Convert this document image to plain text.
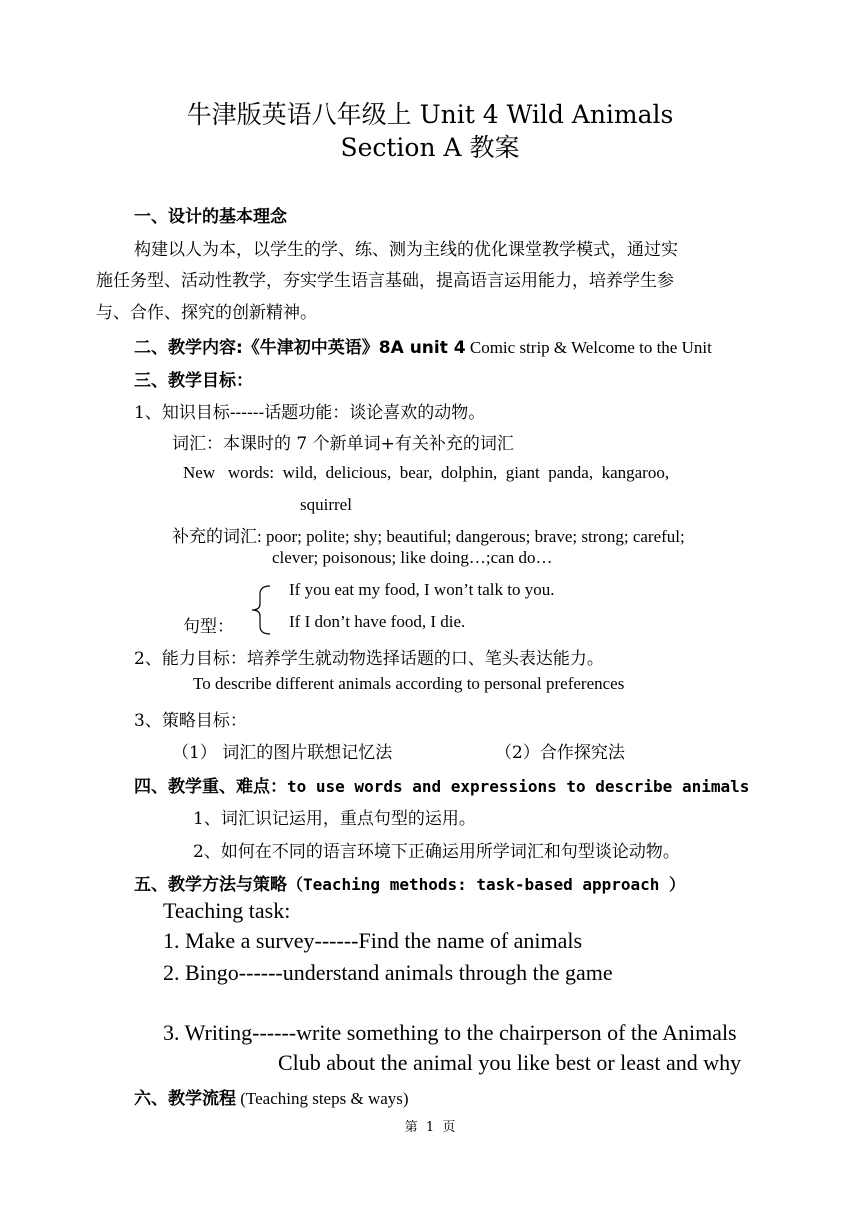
牛津版英语八年级上 Unit 4 Wild Animals
Section A 教案
一、设计的基本理念
构建以人为本，以学生的学、练、测为主线的优化课堂教学模式，通过实
施任务型、活动性教学，夯实学生语言基础，提高语言运用能力，培养学生参
与、合作、探究的创新精神。
二、教学内容:《牛津初中英语》8A unit 4 Comic strip & Welcome to the Unit
三、教学目标：
1、知识目标------话题功能：谈论喜欢的动物。
词汇：本课时的 7 个新单词+有关补充的词汇
New   words:  wild,  delicious,  bear,  dolphin,  giant  panda,  kangaroo,
squirrel
补充的词汇: poor; polite; shy; beautiful; dangerous; brave; strong; careful;
clever; poisonous; like doing…;can do…
If you eat my food, I won’t talk to you.
句型：	If I don’t have food, I die.
2、能力目标：培养学生就动物选择话题的口、笔头表达能力。
To describe different animals according to personal preferences
3、策略目标：
（1） 词汇的图片联想记忆法	（2）合作探究法
四、教学重、难点：to use words and expressions to describe animals
1、词汇识记运用，重点句型的运用。
2、如何在不同的语言环境下正确运用所学词汇和句型谈论动物。
五、教学方法与策略（Teaching methods: task-based approach ）
Teaching task:
1. Make a survey------Find the name of animals
2. Bingo------understand animals through the game
3. Writing------write something to the chairperson of the Animals
Club about the animal you like best or least and why
六、教学流程 (Teaching steps & ways)
第  1  页
